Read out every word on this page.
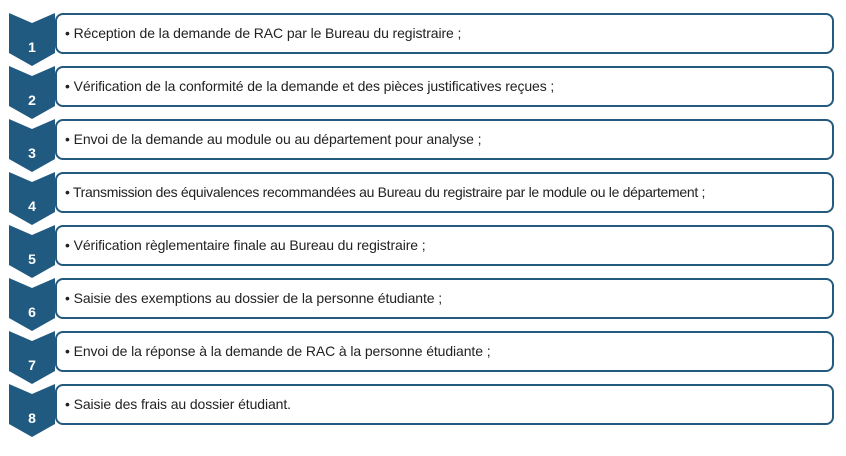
1
• Réception de la demande de RAC par le Bureau du registraire ;
2
• Vérification de la conformité de la demande et des pièces justificatives reçues ;
3
• Envoi de la demande au module ou au département pour analyse ;
4
• Transmission des équivalences recommandées au Bureau du registraire par le module ou le département ;
5
• Vérification règlementaire finale au Bureau du registraire ;
6
• Saisie des exemptions au dossier de la personne étudiante ;
7
• Envoi de la réponse à la demande de RAC à la personne étudiante ;
8
• Saisie des frais au dossier étudiant.
